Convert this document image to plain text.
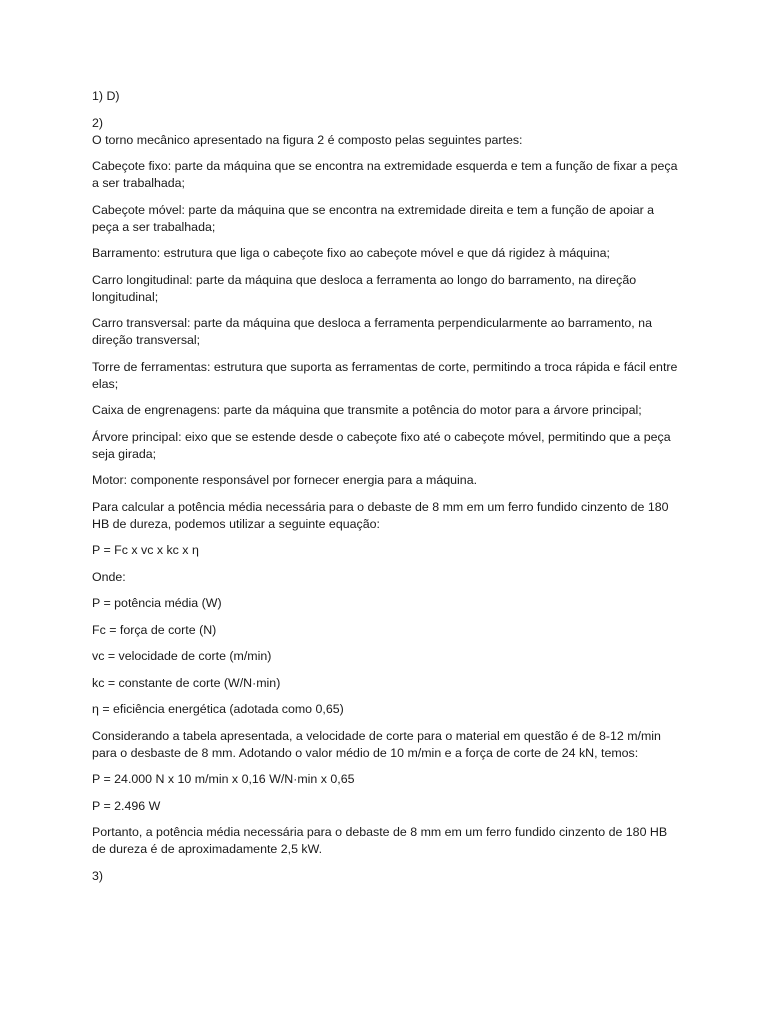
1) D)

2)
O torno mecânico apresentado na figura 2 é composto pelas seguintes partes:

Cabeçote fixo: parte da máquina que se encontra na extremidade esquerda e tem a função de fixar a peça a ser trabalhada;

Cabeçote móvel: parte da máquina que se encontra na extremidade direita e tem a função de apoiar a peça a ser trabalhada;

Barramento: estrutura que liga o cabeçote fixo ao cabeçote móvel e que dá rigidez à máquina;

Carro longitudinal: parte da máquina que desloca a ferramenta ao longo do barramento, na direção longitudinal;

Carro transversal: parte da máquina que desloca a ferramenta perpendicularmente ao barramento, na direção transversal;

Torre de ferramentas: estrutura que suporta as ferramentas de corte, permitindo a troca rápida e fácil entre elas;

Caixa de engrenagens: parte da máquina que transmite a potência do motor para a árvore principal;

Árvore principal: eixo que se estende desde o cabeçote fixo até o cabeçote móvel, permitindo que a peça seja girada;

Motor: componente responsável por fornecer energia para a máquina.

Para calcular a potência média necessária para o debaste de 8 mm em um ferro fundido cinzento de 180 HB de dureza, podemos utilizar a seguinte equação:

P = Fc x vc x kc x η

Onde:

P = potência média (W)

Fc = força de corte (N)

vc = velocidade de corte (m/min)

kc = constante de corte (W/N·min)

η = eficiência energética (adotada como 0,65)

Considerando a tabela apresentada, a velocidade de corte para o material em questão é de 8-12 m/min para o desbaste de 8 mm. Adotando o valor médio de 10 m/min e a força de corte de 24 kN, temos:

P = 24.000 N x 10 m/min x 0,16 W/N·min x 0,65

P = 2.496 W

Portanto, a potência média necessária para o debaste de 8 mm em um ferro fundido cinzento de 180 HB de dureza é de aproximadamente 2,5 kW.

3)
